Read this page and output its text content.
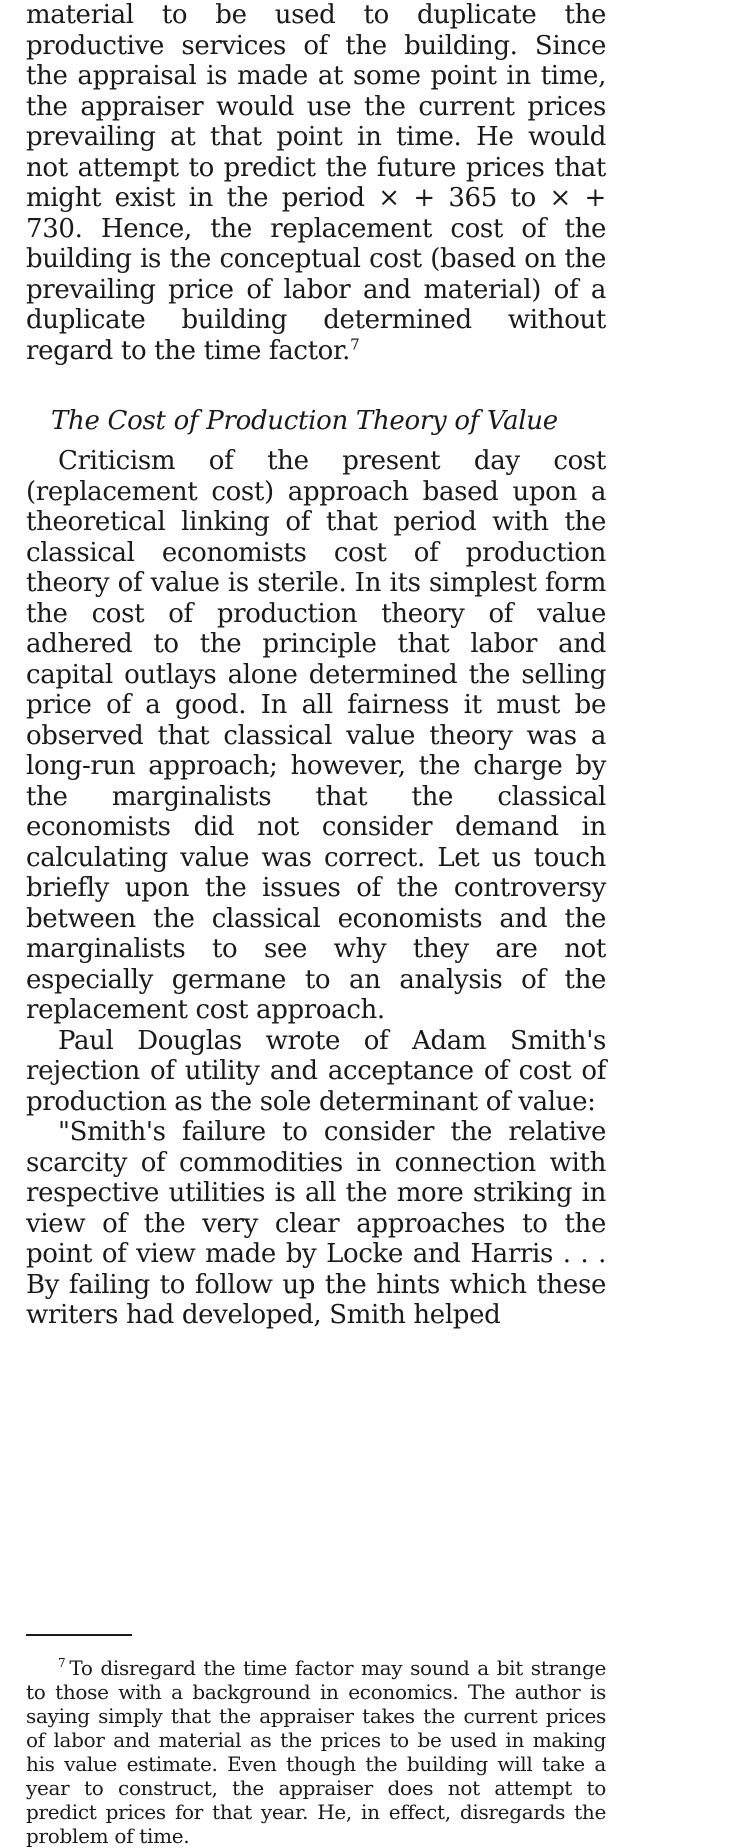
material to be used to duplicate the productive services of the building. Since the appraisal is made at some point in time, the appraiser would use the current prices prevailing at that point in time. He would not attempt to predict the future prices that might exist in the period × + 365 to × + 730. Hence, the replacement cost of the building is the conceptual cost (based on the prevailing price of labor and material) of a duplicate building determined without regard to the time factor.$^7$

The Cost of Production Theory of Value

Criticism of the present day cost (replacement cost) approach based upon a theoretical linking of that period with the classical economists cost of production theory of value is sterile. In its simplest form the cost of production theory of value adhered to the principle that labor and capital outlays alone determined the selling price of a good. In all fairness it must be observed that classical value theory was a long-run approach; however, the charge by the marginalists that the classical economists did not consider demand in calculating value was correct. Let us touch briefly upon the issues of the controversy between the classical economists and the marginalists to see why they are not especially germane to an analysis of the replacement cost approach.

Paul Douglas wrote of Adam Smith's rejection of utility and acceptance of cost of production as the sole determinant of value:

"Smith's failure to consider the relative scarcity of commodities in connection with respective utilities is all the more striking in view of the very clear approaches to the point of view made by Locke and Harris . . . By failing to follow up the hints which these writers had developed, Smith helped

$^7$ To disregard the time factor may sound a bit strange to those with a background in economics. The author is saying simply that the appraiser takes the current prices of labor and material as the prices to be used in making his value estimate. Even though the building will take a year to construct, the appraiser does not attempt to predict prices for that year. He, in effect, disregards the problem of time.
